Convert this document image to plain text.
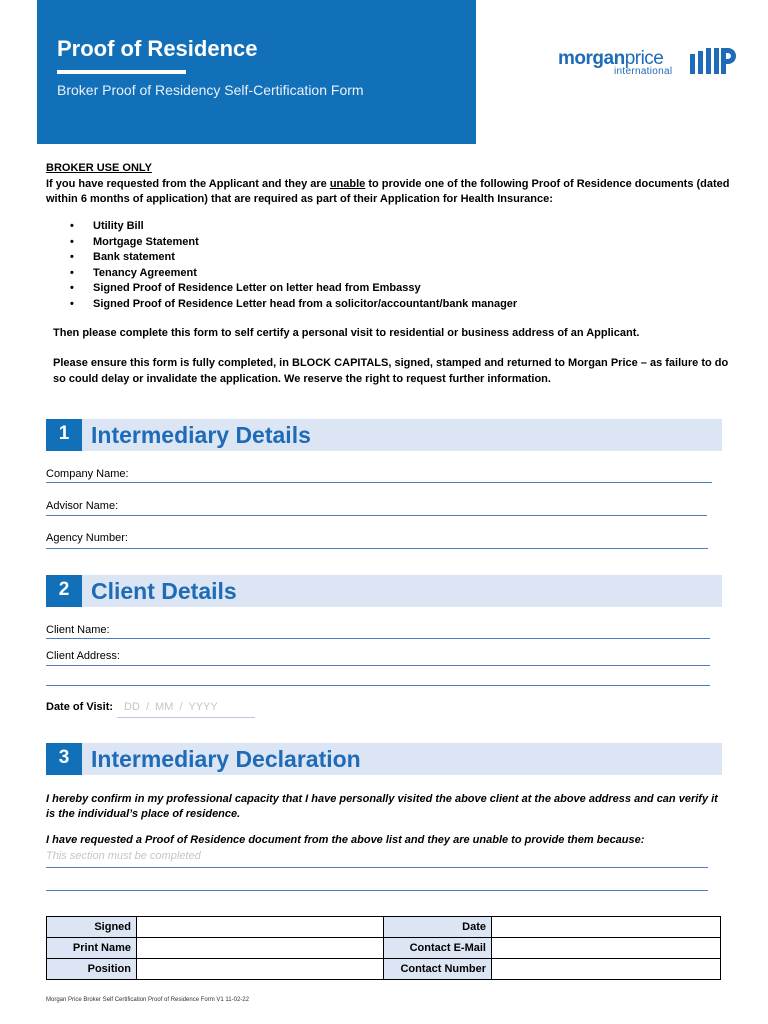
Proof of Residence
Broker Proof of Residency Self-Certification Form
morganprice
international
BROKER USE ONLY
If you have requested from the Applicant and they are unable to provide one of the following Proof of Residence documents (dated within 6 months of application) that are required as part of their Application for Health Insurance:
• Utility Bill
• Mortgage Statement
• Bank statement
• Tenancy Agreement
• Signed Proof of Residence Letter on letter head from Embassy
• Signed Proof of Residence Letter head from a solicitor/accountant/bank manager
Then please complete this form to self certify a personal visit to residential or business address of an Applicant.
Please ensure this form is fully completed, in BLOCK CAPITALS, signed, stamped and returned to Morgan Price – as failure to do so could delay or invalidate the application. We reserve the right to request further information.
1 Intermediary Details
Company Name:
Advisor Name:
Agency Number:
2 Client Details
Client Name:
Client Address:
Date of Visit: DD / MM / YYYY
3 Intermediary Declaration
I hereby confirm in my professional capacity that I have personally visited the above client at the above address and can verify it is the individual’s place of residence.
I have requested a Proof of Residence document from the above list and they are unable to provide them because:
This section must be completed
Signed		Date	
Print Name		Contact E-Mail	
Position		Contact Number	
Morgan Price Broker Self Certification Proof of Residence Form V1 11-02-22
